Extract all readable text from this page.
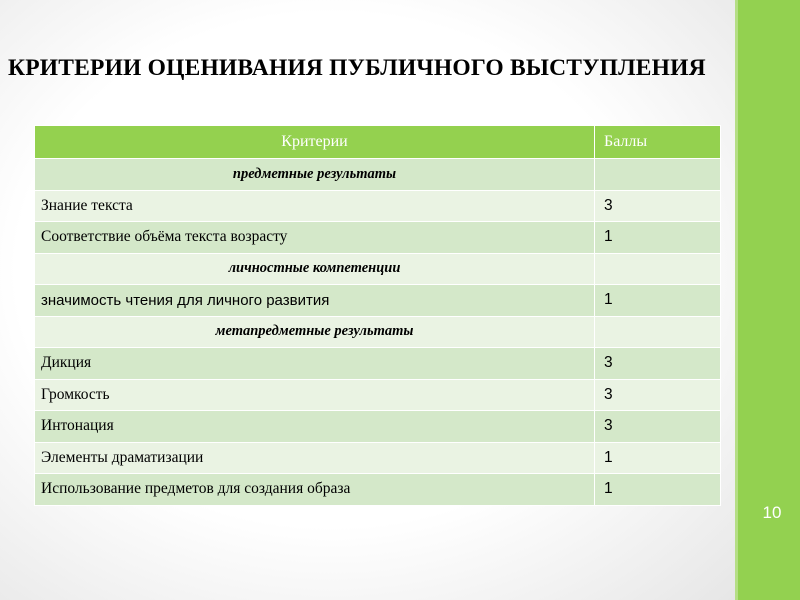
10
КРИТЕРИИ ОЦЕНИВАНИЯ ПУБЛИЧНОГО ВЫСТУПЛЕНИЯ
Критерии	Баллы
предметные результаты	
Знание текста	3
Соответствие объёма текста возрасту	1
личностные компетенции	
значимость чтения для личного развития	1
метапредметные результаты	
Дикция	3
Громкость	3
Интонация	3
Элементы драматизации	1
Использование предметов для создания образа	1
